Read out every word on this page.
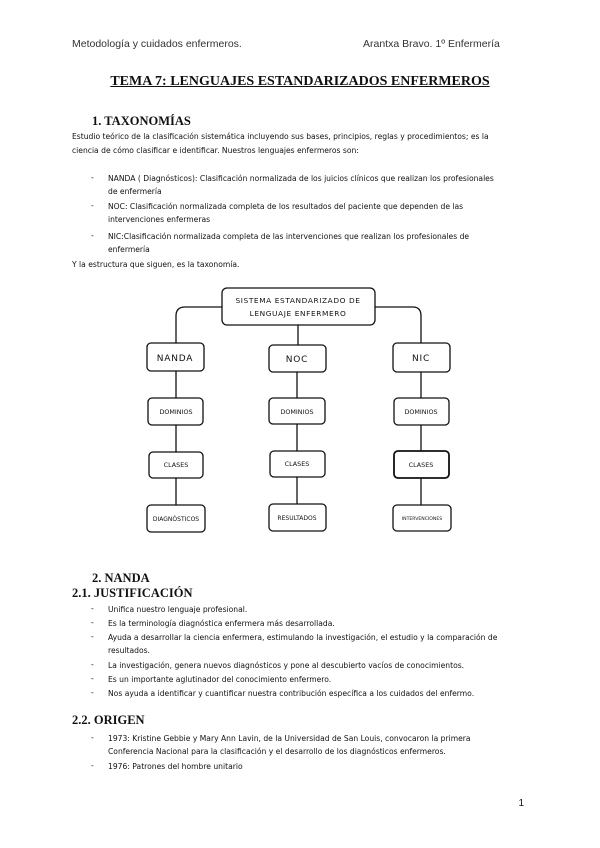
Metodología y cuidados enfermeros.	Arantxa Bravo. 1º Enfermería
TEMA 7: LENGUAJES ESTANDARIZADOS ENFERMEROS
1. TAXONOMÍAS
Estudio teórico de la clasificación sistemática incluyendo sus bases, principios, reglas y procedimientos; es la
ciencia de cómo clasificar e identificar. Nuestros lenguajes enfermeros son:
- NANDA ( Diagnósticos): Clasificación normalizada de los juicios clínicos que realizan los profesionales
de enfermería
- NOC: Clasificación normalizada completa de los resultados del paciente que dependen de las
intervenciones enfermeras
- NIC:Clasificación normalizada completa de las intervenciones que realizan los profesionales de
enfermería
Y la estructura que siguen, es la taxonomía.
SISTEMA ESTANDARIZADO DE
LENGUAJE ENFERMERO
NANDA
DOMINIOS
CLASES
DIAGNÓSTICOS
NOC
DOMINIOS
CLASES
RESULTADOS
NIC
DOMINIOS
CLASES
INTERVENCIONES
2. NANDA
2.1. JUSTIFICACIÓN
- Unifica nuestro lenguaje profesional.
- Es la terminología diagnóstica enfermera más desarrollada.
- Ayuda a desarrollar la ciencia enfermera, estimulando la investigación, el estudio y la comparación de
resultados.
- La investigación, genera nuevos diagnósticos y pone al descubierto vacíos de conocimientos.
- Es un importante aglutinador del conocimiento enfermero.
- Nos ayuda a identificar y cuantificar nuestra contribución específica a los cuidados del enfermo.
2.2. ORIGEN
- 1973: Kristine Gebbie y Mary Ann Lavin, de la Universidad de San Louis, convocaron la primera
Conferencia Nacional para la clasificación y el desarrollo de los diagnósticos enfermeros.
- 1976: Patrones del hombre unitario
1
